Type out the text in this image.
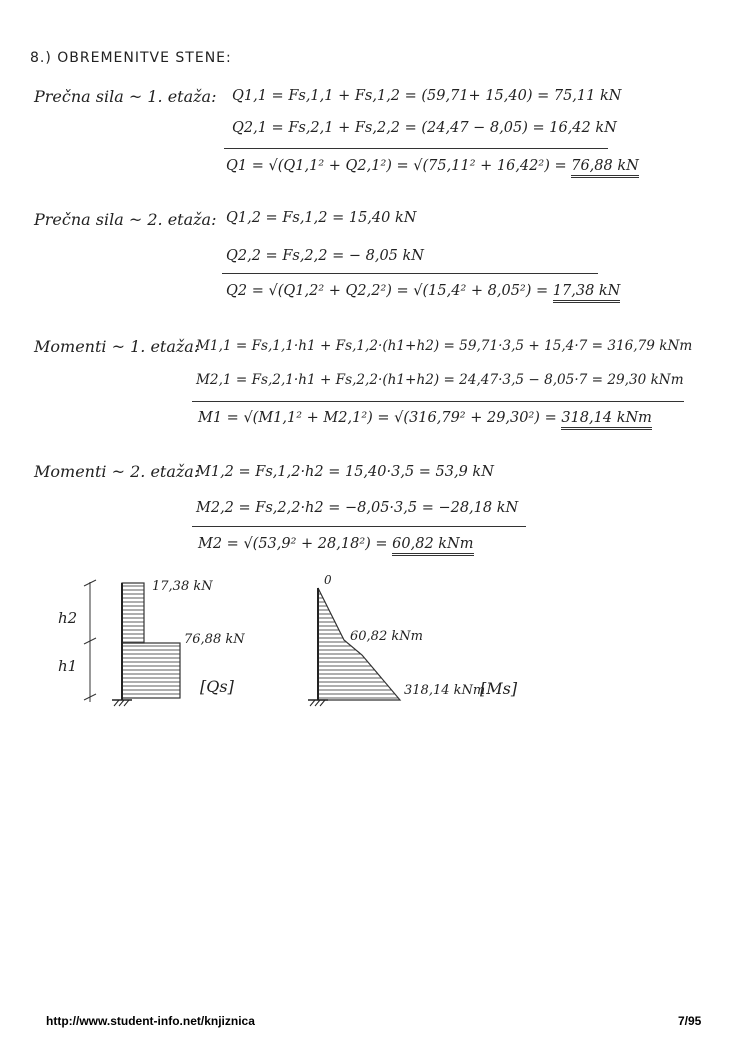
8.) OBREMENITVE STENE:
Prečna sila ~ 1. etaža: Q1,1 = Fs,1,1 + Fs,1,2 = (59,71+ 15,40) = 75,11 kN
Q2,1 = Fs,2,1 + Fs,2,2 = (24,47 − 8,05) = 16,42 kN
Q1 = √(Q1,1² + Q2,1²) = √(75,11² + 16,42²) = 76,88 kN
Prečna sila ~ 2. etaža: Q1,2 = Fs,1,2 = 15,40 kN
Q2,2 = Fs,2,2 = − 8,05 kN
Q2 = √(Q1,2² + Q2,2²) = √(15,4² + 8,05²) = 17,38 kN
Momenti ~ 1. etaža:
M1,1 = Fs,1,1·h1 + Fs,1,2·(h1+h2) = 59,71·3,5 + 15,4·7 = 316,79 kNm
M2,1 = Fs,2,1·h1 + Fs,2,2·(h1+h2) = 24,47·3,5 − 8,05·7 = 29,30 kNm
M1 = √(M1,1² + M2,1²) = √(316,79² + 29,30²) = 318,14 kNm
Momenti ~ 2. etaža:
M1,2 = Fs,1,2·h2 = 15,40·3,5 = 53,9 kN
M2,2 = Fs,2,2·h2 = −8,05·3,5 = −28,18 kN
M2 = √(53,9² + 28,18²) = 60,82 kNm
h2
h1
17,38 kN
76,88 kN
[Qs]
0
60,82 kNm
318,14 kNm
[Ms]
http://www.student-info.net/knjiznica	7/95
